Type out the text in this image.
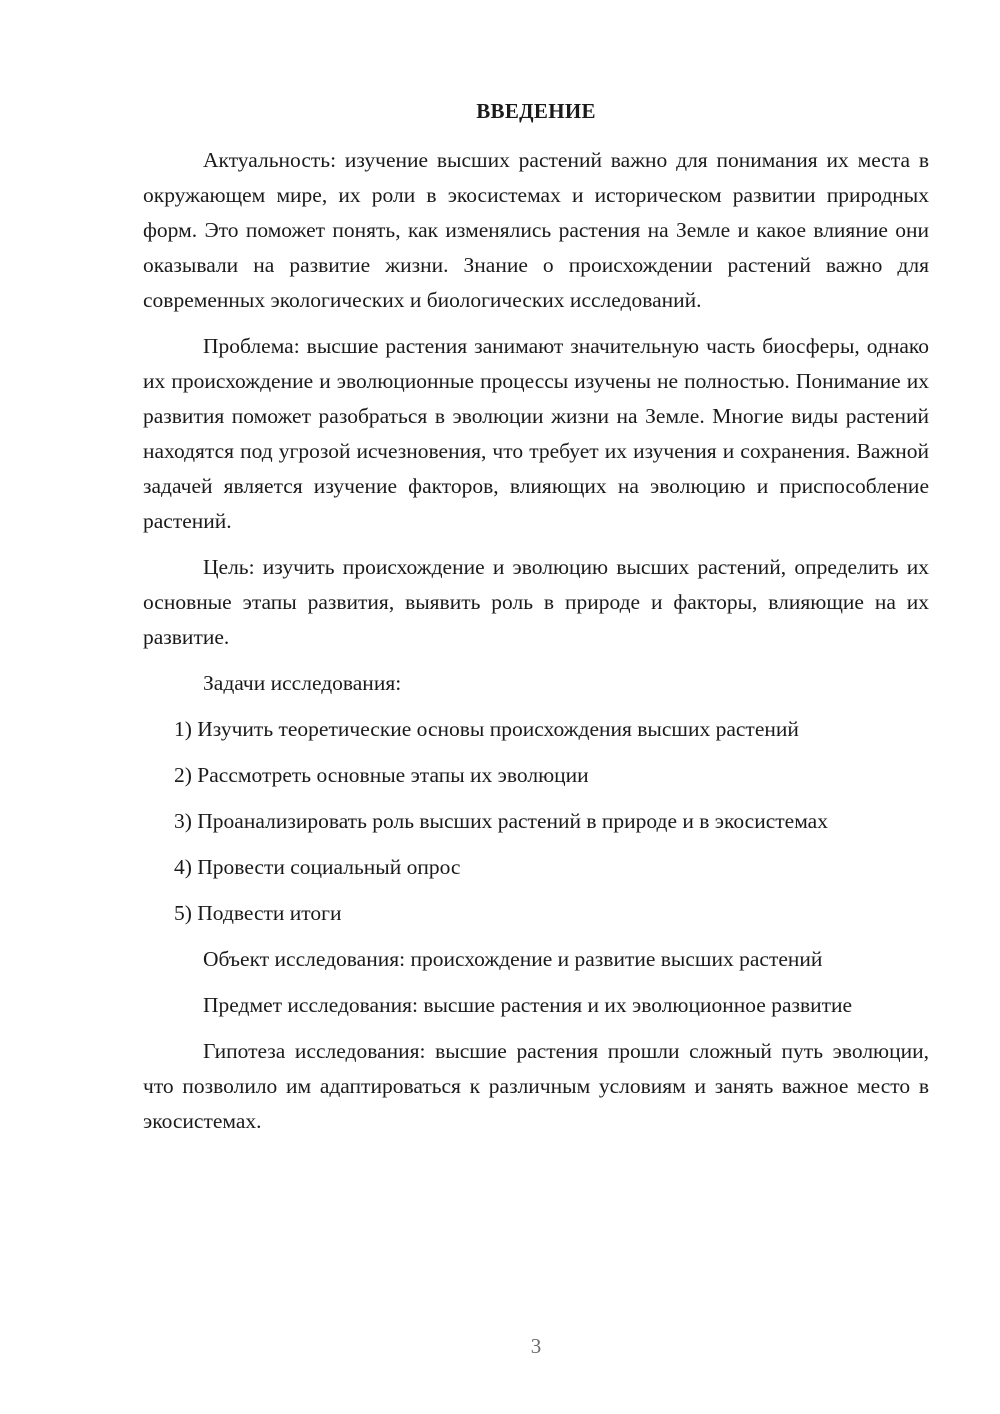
ВВЕДЕНИЕ

Актуальность: изучение высших растений важно для понимания их места в окружающем мире, их роли в экосистемах и историческом развитии природных форм. Это поможет понять, как изменялись растения на Земле и какое влияние они оказывали на развитие жизни. Знание о происхождении растений важно для современных экологических и биологических исследований.

Проблема: высшие растения занимают значительную часть биосферы, однако их происхождение и эволюционные процессы изучены не полностью. Понимание их развития поможет разобраться в эволюции жизни на Земле. Многие виды растений находятся под угрозой исчезновения, что требует их изучения и сохранения. Важной задачей является изучение факторов, влияющих на эволюцию и приспособление растений.

Цель: изучить происхождение и эволюцию высших растений, определить их основные этапы развития, выявить роль в природе и факторы, влияющие на их развитие.

Задачи исследования:

1) Изучить теоретические основы происхождения высших растений

2) Рассмотреть основные этапы их эволюции

3) Проанализировать роль высших растений в природе и в экосистемах

4) Провести социальный опрос

5) Подвести итоги

Объект исследования: происхождение и развитие высших растений

Предмет исследования: высшие растения и их эволюционное развитие

Гипотеза исследования: высшие растения прошли сложный путь эволюции, что позволило им адаптироваться к различным условиям и занять важное место в экосистемах.

3
